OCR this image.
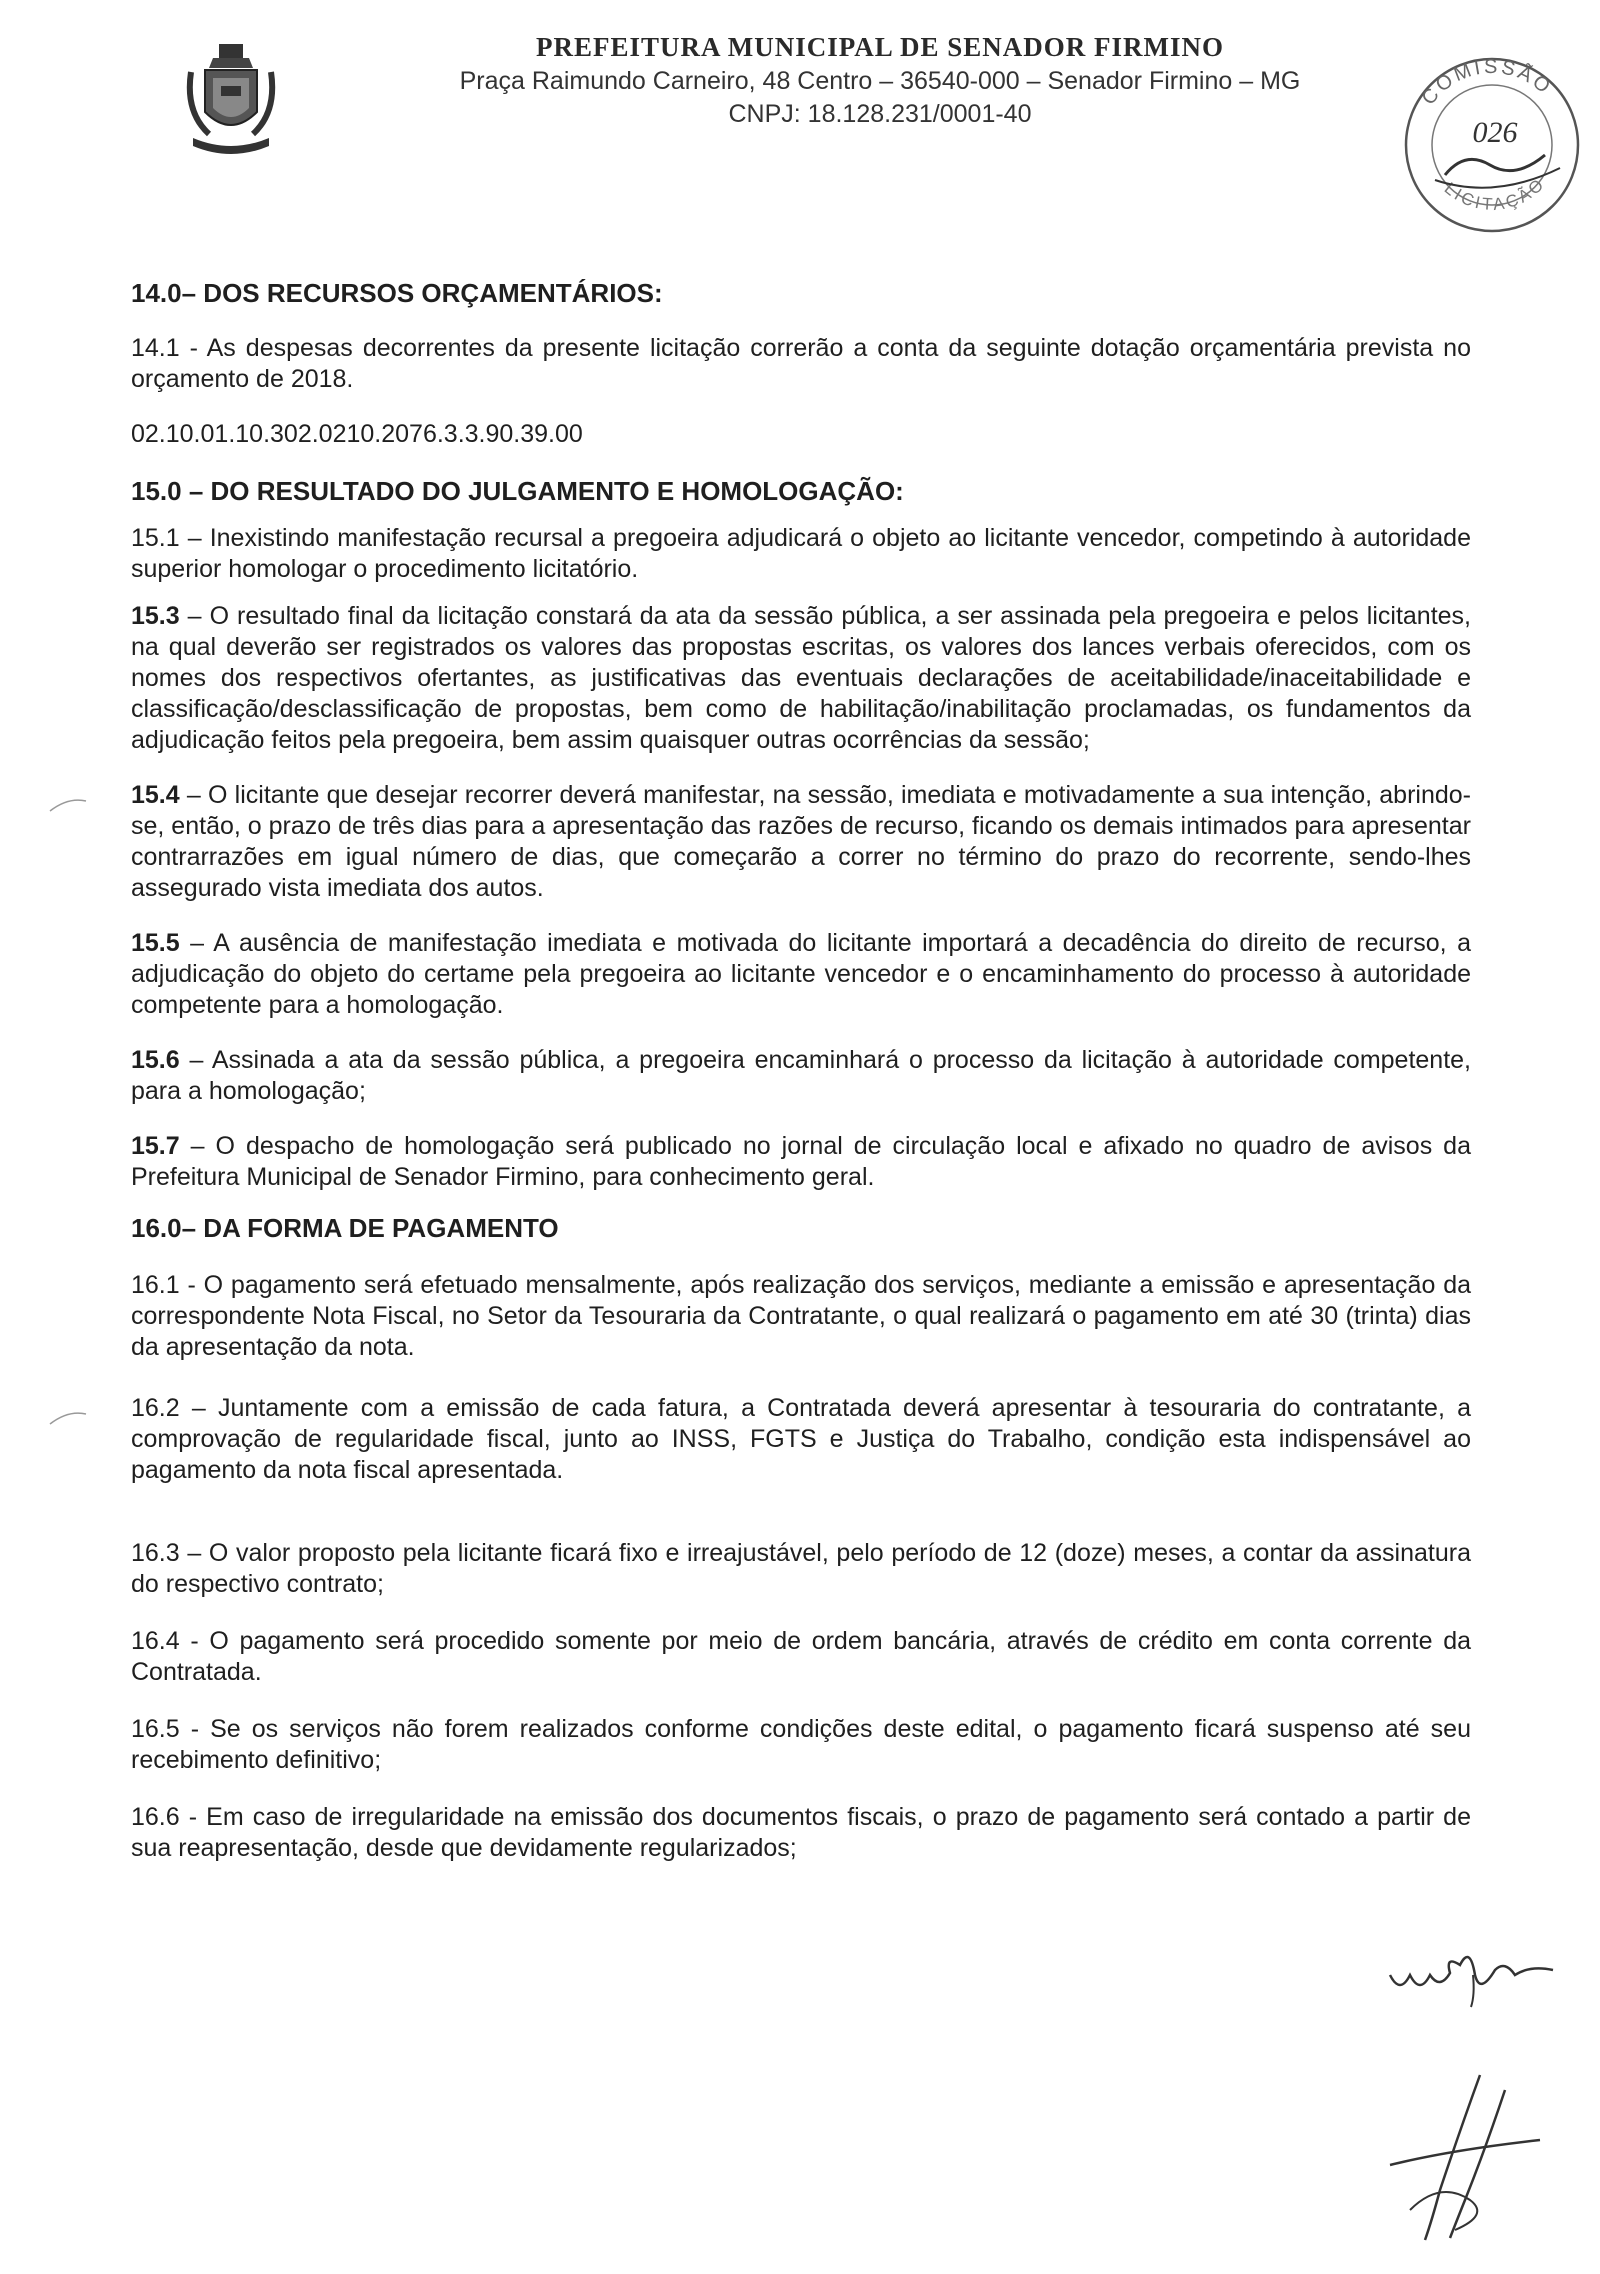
PREFEITURA MUNICIPAL DE SENADOR FIRMINO
Praça Raimundo Carneiro, 48 Centro – 36540-000 – Senador Firmino – MG
CNPJ: 18.128.231/0001-40
COMISSÃO
LICITAÇÃO
026

14.0– DOS RECURSOS ORÇAMENTÁRIOS:

14.1 - As despesas decorrentes da presente licitação correrão a conta da seguinte dotação orçamentária prevista no orçamento de 2018.

02.10.01.10.302.0210.2076.3.3.90.39.00

15.0 – DO RESULTADO DO JULGAMENTO E HOMOLOGAÇÃO:

15.1 – Inexistindo manifestação recursal a pregoeira adjudicará o objeto ao licitante vencedor, competindo à autoridade superior homologar o procedimento licitatório.

15.3 – O resultado final da licitação constará da ata da sessão pública, a ser assinada pela pregoeira e pelos licitantes, na qual deverão ser registrados os valores das propostas escritas, os valores dos lances verbais oferecidos, com os nomes dos respectivos ofertantes, as justificativas das eventuais declarações de aceitabilidade/inaceitabilidade e classificação/desclassificação de propostas, bem como de habilitação/inabilitação proclamadas, os fundamentos da adjudicação feitos pela pregoeira, bem assim quaisquer outras ocorrências da sessão;

15.4 – O licitante que desejar recorrer deverá manifestar, na sessão, imediata e motivadamente a sua intenção, abrindo-se, então, o prazo de três dias para a apresentação das razões de recurso, ficando os demais intimados para apresentar contrarrazões em igual número de dias, que começarão a correr no término do prazo do recorrente, sendo-lhes assegurado vista imediata dos autos.

15.5 – A ausência de manifestação imediata e motivada do licitante importará a decadência do direito de recurso, a adjudicação do objeto do certame pela pregoeira ao licitante vencedor e o encaminhamento do processo à autoridade competente para a homologação.

15.6 – Assinada a ata da sessão pública, a pregoeira encaminhará o processo da licitação à autoridade competente, para a homologação;

15.7 – O despacho de homologação será publicado no jornal de circulação local e afixado no quadro de avisos da Prefeitura Municipal de Senador Firmino, para conhecimento geral.

16.0– DA FORMA DE PAGAMENTO

16.1 - O pagamento será efetuado mensalmente, após realização dos serviços, mediante a emissão e apresentação da correspondente Nota Fiscal, no Setor da Tesouraria da Contratante, o qual realizará o pagamento em até 30 (trinta) dias da apresentação da nota.

16.2 – Juntamente com a emissão de cada fatura, a Contratada deverá apresentar à tesouraria do contratante, a comprovação de regularidade fiscal, junto ao INSS, FGTS e Justiça do Trabalho, condição esta indispensável ao pagamento da nota fiscal apresentada.

16.3 – O valor proposto pela licitante ficará fixo e irreajustável, pelo período de 12 (doze) meses, a contar da assinatura do respectivo contrato;

16.4 - O pagamento será procedido somente por meio de ordem bancária, através de crédito em conta corrente da Contratada.

16.5 - Se os serviços não forem realizados conforme condições deste edital, o pagamento ficará suspenso até seu recebimento definitivo;

16.6 - Em caso de irregularidade na emissão dos documentos fiscais, o prazo de pagamento será contado a partir de sua reapresentação, desde que devidamente regularizados;
